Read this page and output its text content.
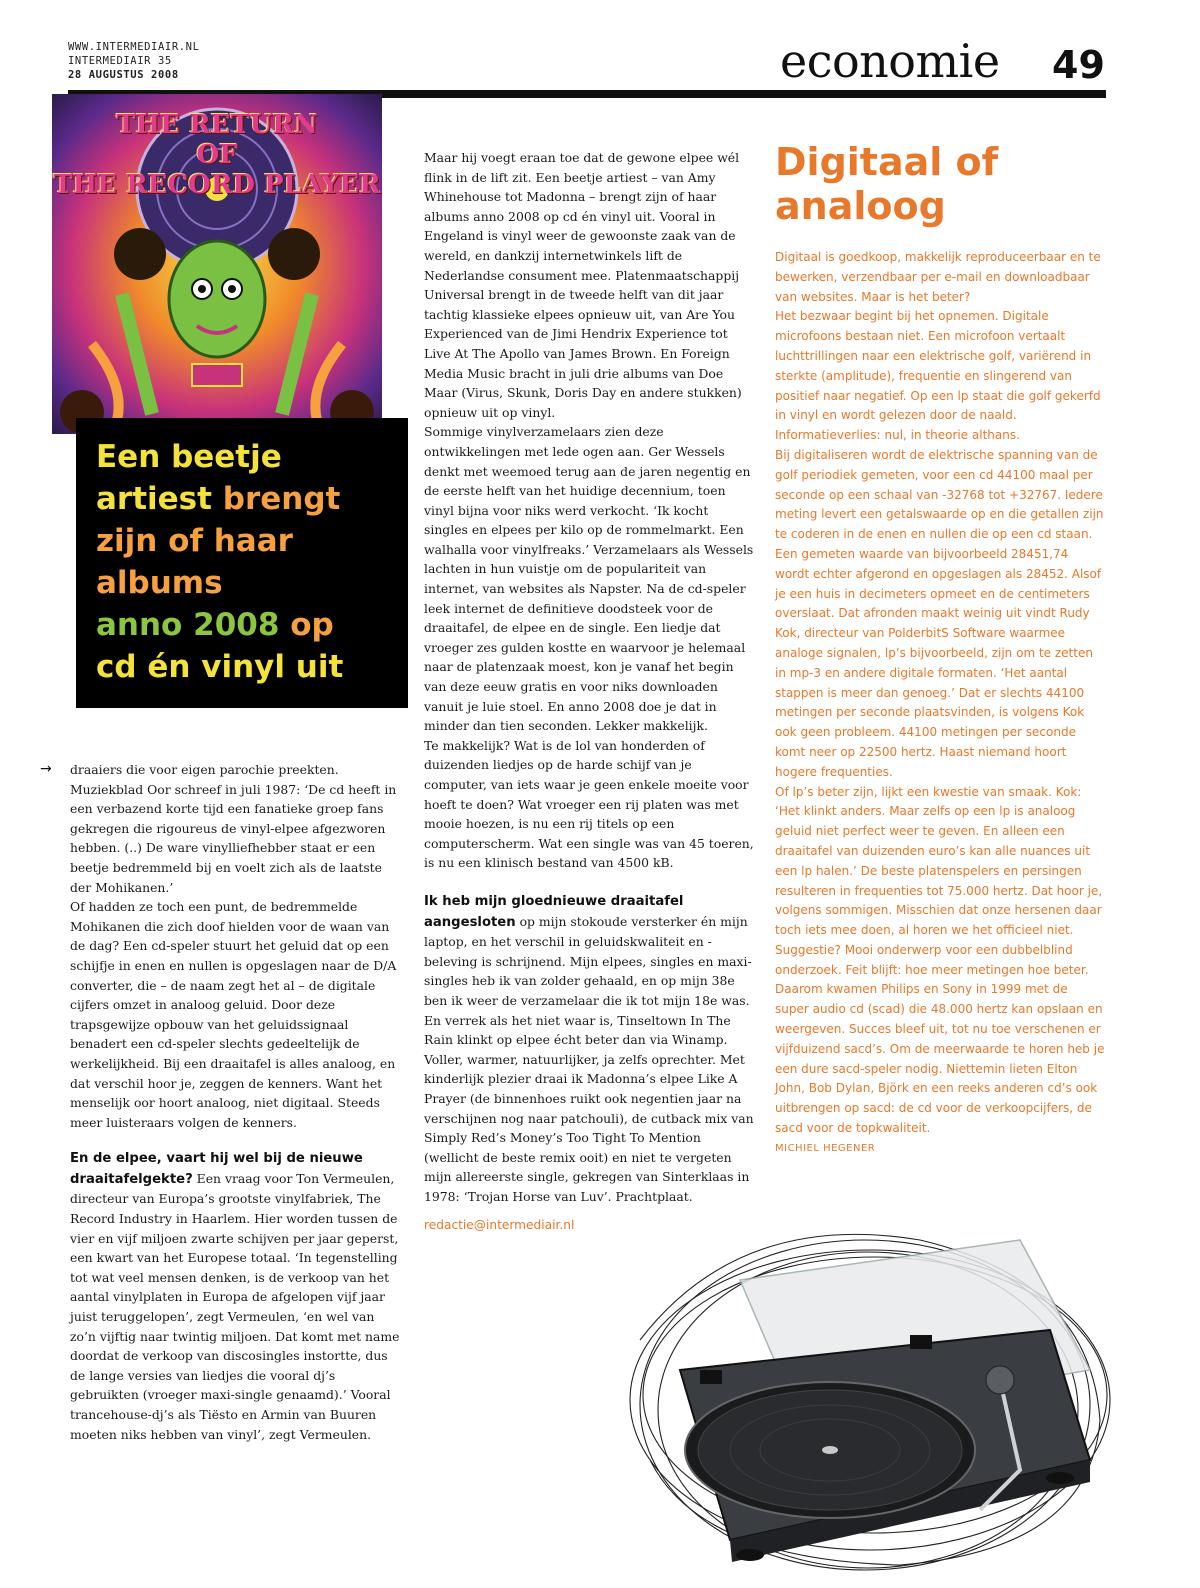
WWW.INTERMEDIAIR.NL
INTERMEDIAIR 35
28 AUGUSTUS 2008	economie 49
THE RETURN
OF
THE RECORD PLAYER
Een beetje
artiest brengt
zijn of haar
albums
anno 2008 op
cd én vinyl uit
→ draaiers die voor eigen parochie preekten. Muziekblad Oor schreef in juli 1987: ‘De cd heeft in een verbazend korte tijd een fanatieke groep fans gekregen die rigoureus de vinyl-elpee afgezworen hebben. (..) De ware vinylliefhebber staat er een beetje bedremmeld bij en voelt zich als de laatste der Mohikanen.’

Of hadden ze toch een punt, de bedremmelde Mohikanen die zich doof hielden voor de waan van de dag? Een cd-speler stuurt het geluid dat op een schijfje in enen en nullen is opgeslagen naar de D/A converter, die – de naam zegt het al – de digitale cijfers omzet in analoog geluid. Door deze trapsgewijze opbouw van het geluidssignaal benadert een cd-speler slechts gedeeltelijk de werkelijkheid. Bij een draaitafel is alles analoog, en dat verschil hoor je, zeggen de kenners. Want het menselijk oor hoort analoog, niet digitaal. Steeds meer luisteraars volgen de kenners.

En de elpee, vaart hij wel bij de nieuwe draaitafelgekte? Een vraag voor Ton Vermeulen, directeur van Europa’s grootste vinylfabriek, The Record Industry in Haarlem. Hier worden tussen de vier en vijf miljoen zwarte schijven per jaar geperst, een kwart van het Europese totaal. ‘In tegenstelling tot wat veel mensen denken, is de verkoop van het aantal vinylplaten in Europa de afgelopen vijf jaar juist teruggelopen’, zegt Vermeulen, ‘en wel van zo’n vijftig naar twintig miljoen. Dat komt met name doordat de verkoop van discosingles instortte, dus de lange versies van liedjes die vooral dj’s gebruikten (vroeger maxi-single genaamd).’ Vooral trancehouse-dj’s als Tiësto en Armin van Buuren moeten niks hebben van vinyl’, zegt Vermeulen.

Maar hij voegt eraan toe dat de gewone elpee wél flink in de lift zit. Een beetje artiest – van Amy Whinehouse tot Madonna – brengt zijn of haar albums anno 2008 op cd én vinyl uit. Vooral in Engeland is vinyl weer de gewoonste zaak van de wereld, en dankzij internetwinkels lift de Nederlandse consument mee. Platenmaatschappij Universal brengt in de tweede helft van dit jaar tachtig klassieke elpees opnieuw uit, van Are You Experienced van de Jimi Hendrix Experience tot Live At The Apollo van James Brown. En Foreign Media Music bracht in juli drie albums van Doe Maar (Virus, Skunk, Doris Day en andere stukken) opnieuw uit op vinyl.

Sommige vinylverzamelaars zien deze ontwikkelingen met lede ogen aan. Ger Wessels denkt met weemoed terug aan de jaren negentig en de eerste helft van het huidige decennium, toen vinyl bijna voor niks werd verkocht. ‘Ik kocht singles en elpees per kilo op de rommelmarkt. Een walhalla voor vinylfreaks.’ Verzamelaars als Wessels lachten in hun vuistje om de populariteit van internet, van websites als Napster. Na de cd-speler leek internet de definitieve doodsteek voor de draaitafel, de elpee en de single. Een liedje dat vroeger zes gulden kostte en waarvoor je helemaal naar de platenzaak moest, kon je vanaf het begin van deze eeuw gratis en voor niks downloaden vanuit je luie stoel. En anno 2008 doe je dat in minder dan tien seconden. Lekker makkelijk.

Te makkelijk? Wat is de lol van honderden of duizenden liedjes op de harde schijf van je computer, van iets waar je geen enkele moeite voor hoeft te doen? Wat vroeger een rij platen was met mooie hoezen, is nu een rij titels op een computerscherm. Wat een single was van 45 toeren, is nu een klinisch bestand van 4500 kB.

Ik heb mijn gloednieuwe draaitafel aangesloten op mijn stokoude versterker én mijn laptop, en het verschil in geluidskwaliteit en -beleving is schrijnend. Mijn elpees, singles en maxi-singles heb ik van zolder gehaald, en op mijn 38e ben ik weer de verzamelaar die ik tot mijn 18e was. En verrek als het niet waar is, Tinseltown In The Rain klinkt op elpee écht beter dan via Winamp. Voller, warmer, natuurlijker, ja zelfs oprechter. Met kinderlijk plezier draai ik Madonna’s elpee Like A Prayer (de binnenhoes ruikt ook negentien jaar na verschijnen nog naar patchouli), de cutback mix van Simply Red’s Money’s Too Tight To Mention (wellicht de beste remix ooit) en niet te vergeten mijn allereerste single, gekregen van Sinterklaas in 1978: ‘Trojan Horse van Luv’. Prachtplaat.

redactie@intermediair.nl
Digitaal of
analoog

Digitaal is goedkoop, makkelijk reproduceerbaar en te bewerken, verzendbaar per e-mail en downloadbaar van websites. Maar is het beter?

Het bezwaar begint bij het opnemen. Digitale microfoons bestaan niet. Een microfoon vertaalt luchttrillingen naar een elektrische golf, variërend in sterkte (amplitude), frequentie en slingerend van positief naar negatief. Op een lp staat die golf gekerfd in vinyl en wordt gelezen door de naald. Informatieverlies: nul, in theorie althans.

Bij digitaliseren wordt de elektrische spanning van de golf periodiek gemeten, voor een cd 44100 maal per seconde op een schaal van -32768 tot +32767. Iedere meting levert een getalswaarde op en die getallen zijn te coderen in de enen en nullen die op een cd staan.

Een gemeten waarde van bijvoorbeeld 28451,74 wordt echter afgerond en opgeslagen als 28452. Alsof je een huis in decimeters opmeet en de centimeters overslaat. Dat afronden maakt weinig uit vindt Rudy Kok, directeur van PolderbitS Software waarmee analoge signalen, lp’s bijvoorbeeld, zijn om te zetten in mp-3 en andere digitale formaten. ‘Het aantal stappen is meer dan genoeg.’ Dat er slechts 44100 metingen per seconde plaatsvinden, is volgens Kok ook geen probleem. 44100 metingen per seconde komt neer op 22500 hertz. Haast niemand hoort hogere frequenties.

Of lp’s beter zijn, lijkt een kwestie van smaak. Kok: ‘Het klinkt anders. Maar zelfs op een lp is analoog geluid niet perfect weer te geven. En alleen een draaitafel van duizenden euro’s kan alle nuances uit een lp halen.’ De beste platenspelers en persingen resulteren in frequenties tot 75.000 hertz. Dat hoor je, volgens sommigen. Misschien dat onze hersenen daar toch iets mee doen, al horen we het officieel niet. Suggestie? Mooi onderwerp voor een dubbelblind onderzoek. Feit blijft: hoe meer metingen hoe beter. Daarom kwamen Philips en Sony in 1999 met de super audio cd (scad) die 48.000 hertz kan opslaan en weergeven. Succes bleef uit, tot nu toe verschenen er vijfduizend sacd’s. Om de meerwaarde te horen heb je een dure sacd-speler nodig. Niettemin lieten Elton John, Bob Dylan, Björk en een reeks anderen cd’s ook uitbrengen op sacd: de cd voor de verkoopcijfers, de sacd voor de topkwaliteit.

MICHIEL HEGENER
